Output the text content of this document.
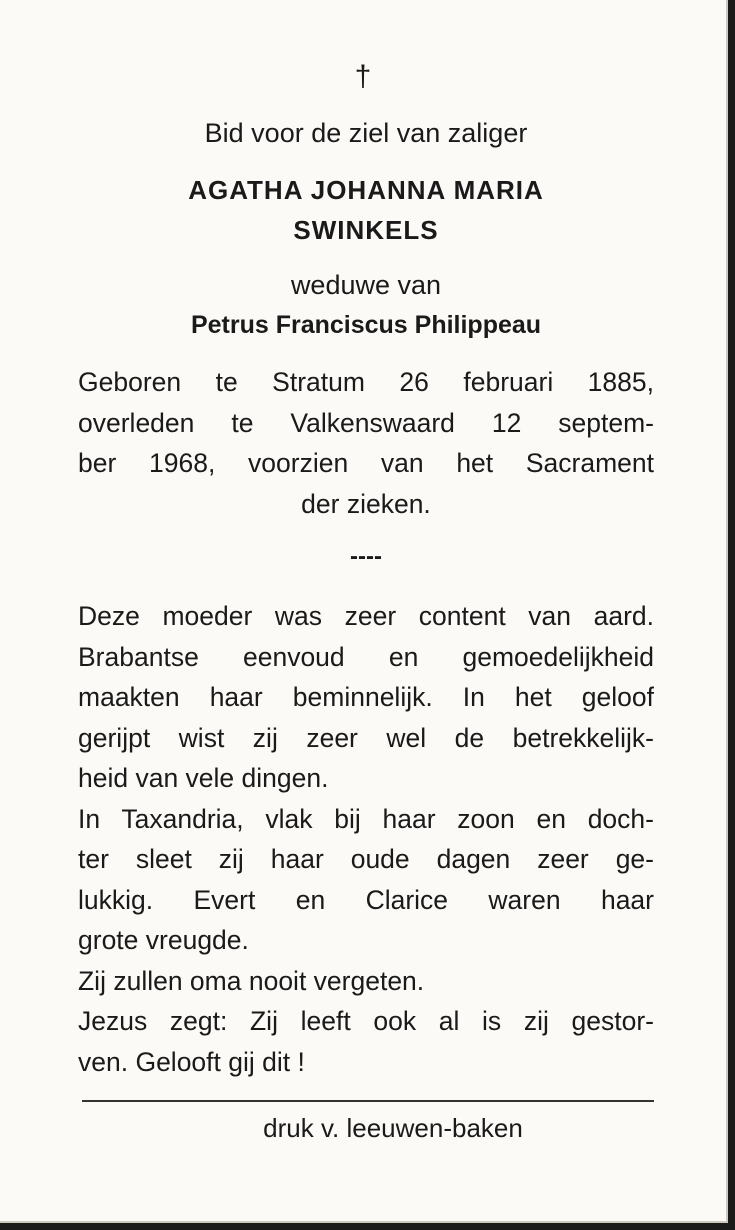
†
Bid voor de ziel van zaliger
AGATHA JOHANNA MARIA
SWINKELS
weduwe van
Petrus Franciscus Philippeau
Geboren te Stratum 26 februari 1885,
overleden te Valkenswaard 12 septem-
ber 1968, voorzien van het Sacrament
der zieken.
----
Deze moeder was zeer content van aard.
Brabantse eenvoud en gemoedelijkheid
maakten haar beminnelijk. In het geloof
gerijpt wist zij zeer wel de betrekkelijk-
heid van vele dingen.
In Taxandria, vlak bij haar zoon en doch-
ter sleet zij haar oude dagen zeer ge-
lukkig. Evert en Clarice waren haar
grote vreugde.
Zij zullen oma nooit vergeten.
Jezus zegt: Zij leeft ook al is zij gestor-
ven. Gelooft gij dit !
druk v. leeuwen-baken
